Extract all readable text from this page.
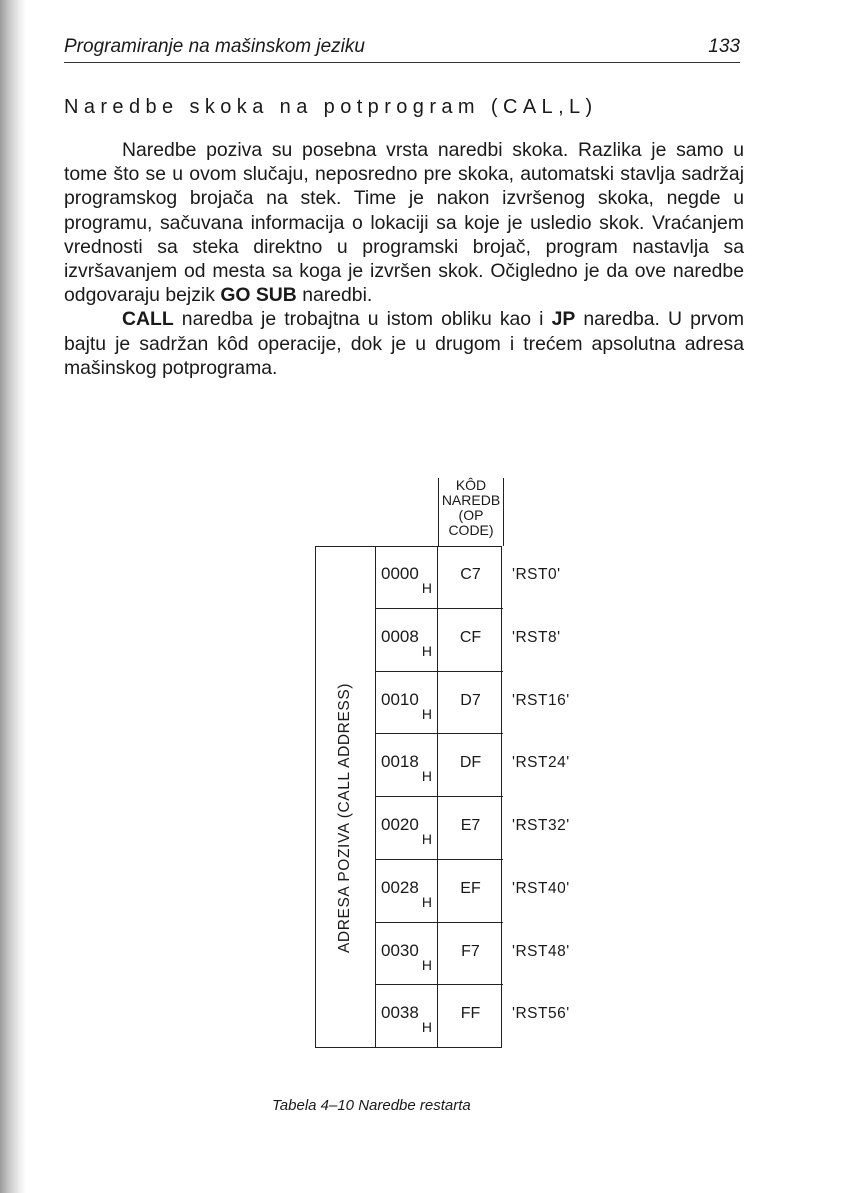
Programiranje na mašinskom jeziku	133
Naredbe skoka na potprogram (CAL,L)

Naredbe poziva su posebna vrsta naredbi skoka. Razlika je samo u tome što se u ovom slučaju, neposredno pre skoka, automatski stavlja sadržaj programskog brojača na stek. Time je nakon izvršenog skoka, negde u programu, sačuvana informacija o lokaciji sa koje je usledio skok. Vraćanjem vrednosti sa steka direktno u programski brojač, program nastavlja sa izvršavanjem od mesta sa koga je izvršen skok. Očigledno je da ove naredbe odgovaraju bejzik GO SUB naredbi.

CALL naredba je trobajtna u istom obliku kao i JP naredba. U prvom bajtu je sadržan kôd operacije, dok je u drugom i trećem apsolutna adresa mašinskog potprograma.

KÔD
NAREDB
(OP
CODE)
ADRESA POZIVA (CALL ADDRESS)
0000
H
C7
0008
H
CF
0010
H
D7
0018
H
DF
0020
H
E7
0028
H
EF
0030
H
F7
0038
H
FF
'RST0'
'RST8'
'RST16'
'RST24'
'RST32'
'RST40'
'RST48'
'RST56'
Tabela 4–10 Naredbe restarta
